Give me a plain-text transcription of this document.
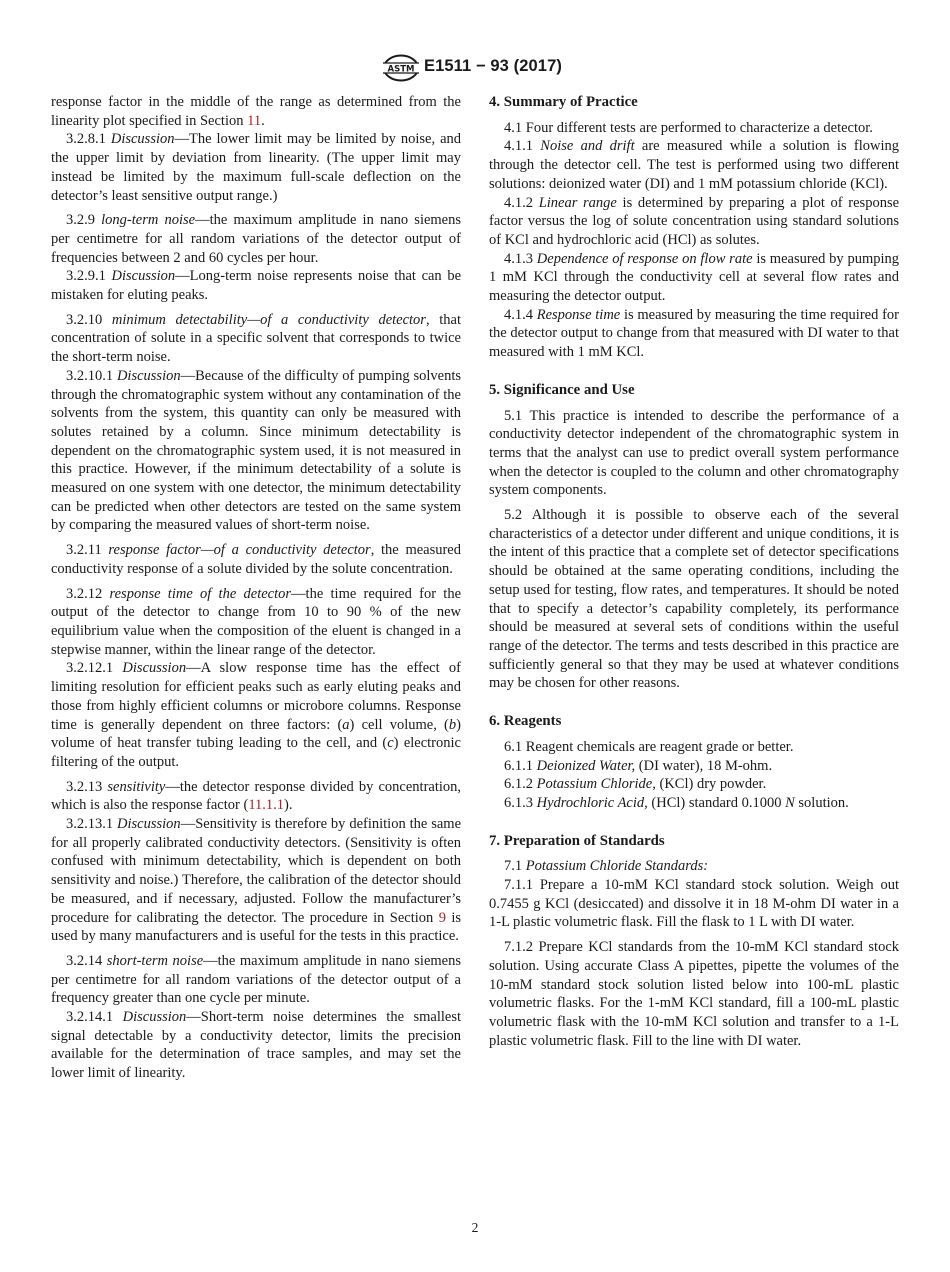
ASTM E1511 − 93 (2017)

response factor in the middle of the range as determined from the linearity plot specified in Section 11.

3.2.8.1 Discussion—The lower limit may be limited by noise, and the upper limit by deviation from linearity. (The upper limit may instead be limited by the maximum full-scale deflection on the detector’s least sensitive output range.)

3.2.9 long-term noise—the maximum amplitude in nano siemens per centimetre for all random variations of the detector output of frequencies between 2 and 60 cycles per hour.

3.2.9.1 Discussion—Long-term noise represents noise that can be mistaken for eluting peaks.

3.2.10 minimum detectability—of a conductivity detector, that concentration of solute in a specific solvent that corresponds to twice the short-term noise.

3.2.10.1 Discussion—Because of the difficulty of pumping solvents through the chromatographic system without any contamination of the solvents from the system, this quantity can only be measured with solutes retained by a column. Since minimum detectability is dependent on the chromatographic system used, it is not measured in this practice. However, if the minimum detectability of a solute is measured on one system with one detector, the minimum detectability can be predicted when other detectors are tested on the same system by comparing the measured values of short-term noise.

3.2.11 response factor—of a conductivity detector, the measured conductivity response of a solute divided by the solute concentration.

3.2.12 response time of the detector—the time required for the output of the detector to change from 10 to 90 % of the new equilibrium value when the composition of the eluent is changed in a stepwise manner, within the linear range of the detector.

3.2.12.1 Discussion—A slow response time has the effect of limiting resolution for efficient peaks such as early eluting peaks and those from highly efficient columns or microbore columns. Response time is generally dependent on three factors: (a) cell volume, (b) volume of heat transfer tubing leading to the cell, and (c) electronic filtering of the output.

3.2.13 sensitivity—the detector response divided by concentration, which is also the response factor (11.1.1).

3.2.13.1 Discussion—Sensitivity is therefore by definition the same for all properly calibrated conductivity detectors. (Sensitivity is often confused with minimum detectability, which is dependent on both sensitivity and noise.) Therefore, the calibration of the detector should be measured, and if necessary, adjusted. Follow the manufacturer’s procedure for calibrating the detector. The procedure in Section 9 is used by many manufacturers and is useful for the tests in this practice.

3.2.14 short-term noise—the maximum amplitude in nano siemens per centimetre for all random variations of the detector output of a frequency greater than one cycle per minute.

3.2.14.1 Discussion—Short-term noise determines the smallest signal detectable by a conductivity detector, limits the precision available for the determination of trace samples, and may set the lower limit of linearity.

4. Summary of Practice

4.1 Four different tests are performed to characterize a detector.

4.1.1 Noise and drift are measured while a solution is flowing through the detector cell. The test is performed using two different solutions: deionized water (DI) and 1 mM potassium chloride (KCl).

4.1.2 Linear range is determined by preparing a plot of response factor versus the log of solute concentration using standard solutions of KCl and hydrochloric acid (HCl) as solutes.

4.1.3 Dependence of response on flow rate is measured by pumping 1 mM KCl through the conductivity cell at several flow rates and measuring the detector output.

4.1.4 Response time is measured by measuring the time required for the detector output to change from that measured with DI water to that measured with 1 mM KCl.

5. Significance and Use

5.1 This practice is intended to describe the performance of a conductivity detector independent of the chromatographic system in terms that the analyst can use to predict overall system performance when the detector is coupled to the column and other chromatography system components.

5.2 Although it is possible to observe each of the several characteristics of a detector under different and unique conditions, it is the intent of this practice that a complete set of detector specifications should be obtained at the same operating conditions, including the setup used for testing, flow rates, and temperatures. It should be noted that to specify a detector’s capability completely, its performance should be measured at several sets of conditions within the useful range of the detector. The terms and tests described in this practice are sufficiently general so that they may be used at whatever conditions may be chosen for other reasons.

6. Reagents

6.1 Reagent chemicals are reagent grade or better.

6.1.1 Deionized Water, (DI water), 18 M-ohm.

6.1.2 Potassium Chloride, (KCl) dry powder.

6.1.3 Hydrochloric Acid, (HCl) standard 0.1000 N solution.

7. Preparation of Standards

7.1 Potassium Chloride Standards:

7.1.1 Prepare a 10-mM KCl standard stock solution. Weigh out 0.7455 g KCl (desiccated) and dissolve it in 18 M-ohm DI water in a 1-L plastic volumetric flask. Fill the flask to 1 L with DI water.

7.1.2 Prepare KCl standards from the 10-mM KCl standard stock solution. Using accurate Class A pipettes, pipette the volumes of the 10-mM standard stock solution listed below into 100-mL plastic volumetric flasks. For the 1-mM KCl standard, fill a 100-mL plastic volumetric flask with the 10-mM KCl solution and transfer to a 1-L plastic volumetric flask. Fill to the line with DI water.

2
